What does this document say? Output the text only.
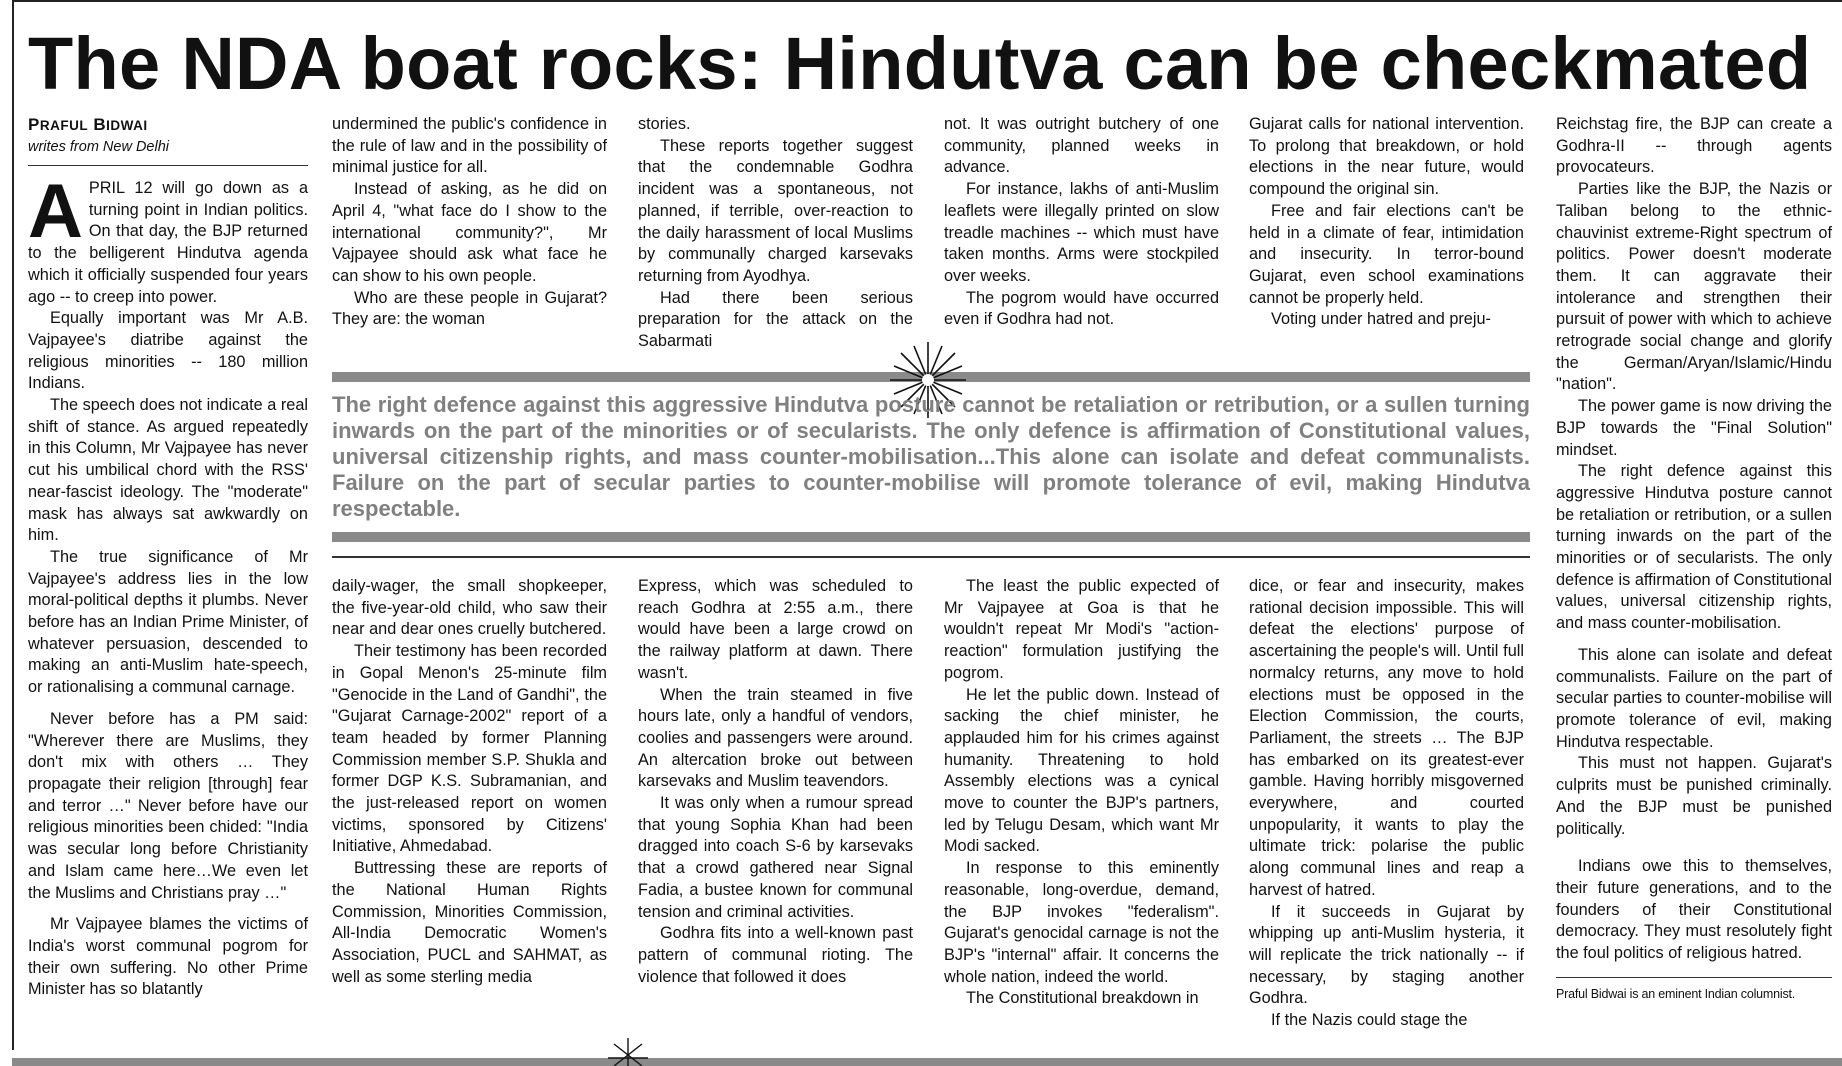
The NDA boat rocks: Hindutva can be checkmated

PRAFUL BIDWAI

writes from New Delhi

APRIL 12 will go down as a turning point in Indian politics. On that day, the BJP returned to the belligerent Hindutva agenda which it officially suspended four years ago -- to creep into power.

Equally important was Mr A.B. Vajpayee's diatribe against the religious minorities -- 180 million Indians.

The speech does not indicate a real shift of stance. As argued repeatedly in this Column, Mr Vajpayee has never cut his umbilical chord with the RSS' near-fascist ideology. The "moderate" mask has always sat awkwardly on him.

The true significance of Mr Vajpayee's address lies in the low moral-political depths it plumbs. Never before has an Indian Prime Minister, of whatever persuasion, descended to making an anti-Muslim hate-speech, or rationalising a communal carnage.

Never before has a PM said: "Wherever there are Muslims, they don't mix with others … They propagate their religion [through] fear and terror …" Never before have our religious minorities been chided: "India was secular long before Christianity and Islam came here…We even let the Muslims and Christians pray …"

Mr Vajpayee blames the victims of India's worst communal pogrom for their own suffering. No other Prime Minister has so blatantly

undermined the public's confidence in the rule of law and in the possibility of minimal justice for all.

Instead of asking, as he did on April 4, "what face do I show to the international community?", Mr Vajpayee should ask what face he can show to his own people.

Who are these people in Gujarat? They are: the woman

stories.

These reports together suggest that the condemnable Godhra incident was a spontaneous, not planned, if terrible, over-reaction to the daily harassment of local Muslims by communally charged karsevaks returning from Ayodhya.

Had there been serious preparation for the attack on the Sabarmati

not. It was outright butchery of one community, planned weeks in advance.

For instance, lakhs of anti-Muslim leaflets were illegally printed on slow treadle machines -- which must have taken months. Arms were stockpiled over weeks.

The pogrom would have occurred even if Godhra had not.

Gujarat calls for national intervention. To prolong that breakdown, or hold elections in the near future, would compound the original sin.

Free and fair elections can't be held in a climate of fear, intimidation and insecurity. In terror-bound Gujarat, even school examinations cannot be properly held.

Voting under hatred and preju-

The right defence against this aggressive Hindutva posture cannot be retaliation or retribution, or a sullen turning inwards on the part of the minorities or of secularists. The only defence is affirmation of Constitutional values, universal citizenship rights, and mass counter-mobilisation...This alone can isolate and defeat communalists. Failure on the part of secular parties to counter-mobilise will promote tolerance of evil, making Hindutva respectable.

daily-wager, the small shopkeeper, the five-year-old child, who saw their near and dear ones cruelly butchered.

Their testimony has been recorded in Gopal Menon's 25-minute film "Genocide in the Land of Gandhi", the "Gujarat Carnage-2002" report of a team headed by former Planning Commission member S.P. Shukla and former DGP K.S. Subramanian, and the just-released report on women victims, sponsored by Citizens' Initiative, Ahmedabad.

Buttressing these are reports of the National Human Rights Commission, Minorities Commission, All-India Democratic Women's Association, PUCL and SAHMAT, as well as some sterling media

Express, which was scheduled to reach Godhra at 2:55 a.m., there would have been a large crowd on the railway platform at dawn. There wasn't.

When the train steamed in five hours late, only a handful of vendors, coolies and passengers were around. An altercation broke out between karsevaks and Muslim teavendors.

It was only when a rumour spread that young Sophia Khan had been dragged into coach S-6 by karsevaks that a crowd gathered near Signal Fadia, a bustee known for communal tension and criminal activities.

Godhra fits into a well-known past pattern of communal rioting. The violence that followed it does

The least the public expected of Mr Vajpayee at Goa is that he wouldn't repeat Mr Modi's "action-reaction" formulation justifying the pogrom.

He let the public down. Instead of sacking the chief minister, he applauded him for his crimes against humanity. Threatening to hold Assembly elections was a cynical move to counter the BJP's partners, led by Telugu Desam, which want Mr Modi sacked.

In response to this eminently reasonable, long-overdue, demand, the BJP invokes "federalism". Gujarat's genocidal carnage is not the BJP's "internal" affair. It concerns the whole nation, indeed the world.

The Constitutional breakdown in

dice, or fear and insecurity, makes rational decision impossible. This will defeat the elections' purpose of ascertaining the people's will. Until full normalcy returns, any move to hold elections must be opposed in the Election Commission, the courts, Parliament, the streets … The BJP has embarked on its greatest-ever gamble. Having horribly misgoverned everywhere, and courted unpopularity, it wants to play the ultimate trick: polarise the public along communal lines and reap a harvest of hatred.

If it succeeds in Gujarat by whipping up anti-Muslim hysteria, it will replicate the trick nationally -- if necessary, by staging another Godhra.

If the Nazis could stage the

Reichstag fire, the BJP can create a Godhra-II -- through agents provocateurs.

Parties like the BJP, the Nazis or Taliban belong to the ethnic-chauvinist extreme-Right spectrum of politics. Power doesn't moderate them. It can aggravate their intolerance and strengthen their pursuit of power with which to achieve retrograde social change and glorify the German/Aryan/Islamic/Hindu "nation".

The power game is now driving the BJP towards the "Final Solution" mindset.

The right defence against this aggressive Hindutva posture cannot be retaliation or retribution, or a sullen turning inwards on the part of the minorities or of secularists. The only defence is affirmation of Constitutional values, universal citizenship rights, and mass counter-mobilisation.

This alone can isolate and defeat communalists. Failure on the part of secular parties to counter-mobilise will promote tolerance of evil, making Hindutva respectable.

This must not happen. Gujarat's culprits must be punished criminally. And the BJP must be punished politically.

Indians owe this to themselves, their future generations, and to the founders of their Constitutional democracy. They must resolutely fight the foul politics of religious hatred.

Praful Bidwai is an eminent Indian columnist.
